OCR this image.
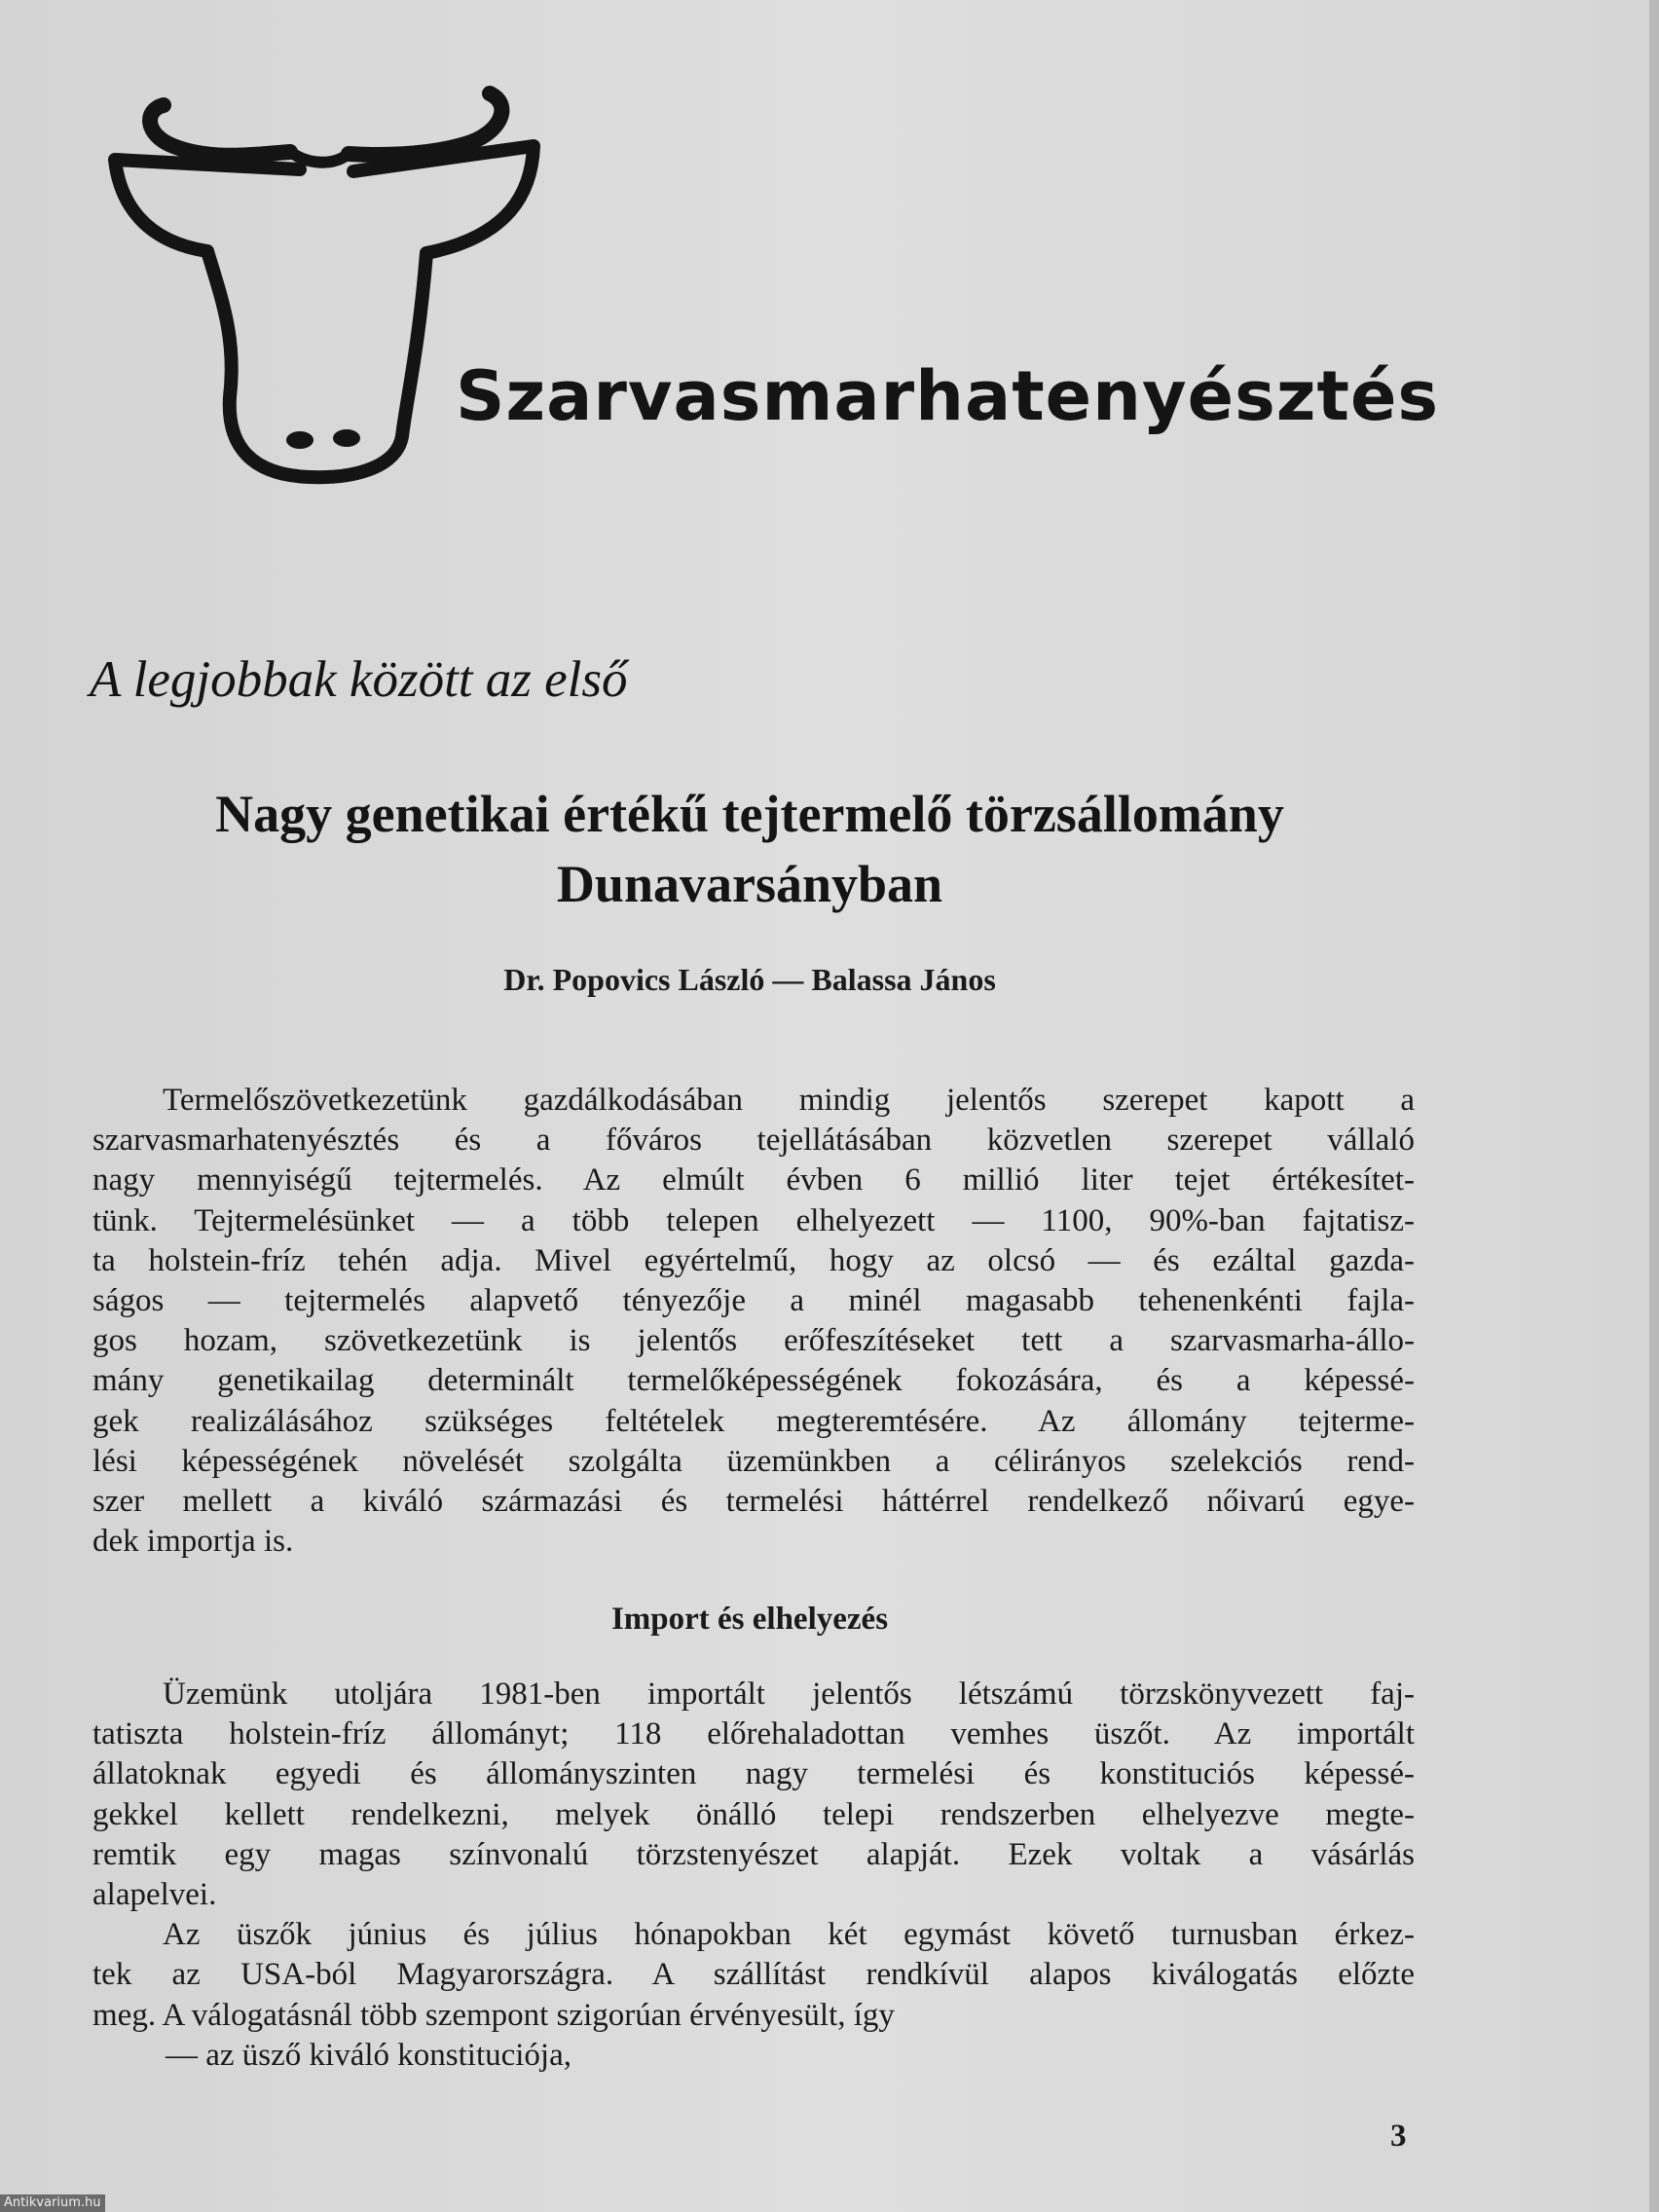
Szarvasmarhatenyésztés
A legjobbak között az első
Nagy genetikai értékű tejtermelő törzsállomány
Dunavarsányban
Dr. Popovics László — Balassa János

Termelőszövetkezetünk gazdálkodásában mindig jelentős szerepet kapott a
szarvasmarhatenyésztés és a főváros tejellátásában közvetlen szerepet vállaló
nagy mennyiségű tejtermelés. Az elmúlt évben 6 millió liter tejet értékesítet-
tünk. Tejtermelésünket — a több telepen elhelyezett — 1100, 90%-ban fajtatisz-
ta holstein-fríz tehén adja. Mivel egyértelmű, hogy az olcsó — és ezáltal gazda-
ságos — tejtermelés alapvető tényezője a minél magasabb tehenenkénti fajla-
gos hozam, szövetkezetünk is jelentős erőfeszítéseket tett a szarvasmarha-állo-
mány genetikailag determinált termelőképességének fokozására, és a képessé-
gek realizálásához szükséges feltételek megteremtésére. Az állomány tejterme-
lési képességének növelését szolgálta üzemünkben a célirányos szelekciós rend-
szer mellett a kiváló származási és termelési háttérrel rendelkező nőivarú egye-
dek importja is.

Import és elhelyezés

Üzemünk utoljára 1981-ben importált jelentős létszámú törzskönyvezett faj-
tatiszta holstein-fríz állományt; 118 előrehaladottan vemhes üszőt. Az importált
állatoknak egyedi és állományszinten nagy termelési és konstituciós képessé-
gekkel kellett rendelkezni, melyek önálló telepi rendszerben elhelyezve megte-
remtik egy magas színvonalú törzstenyészet alapját. Ezek voltak a vásárlás
alapelvei.

Az üszők június és július hónapokban két egymást követő turnusban érkez-
tek az USA-ból Magyarországra. A szállítást rendkívül alapos kiválogatás előzte
meg. A válogatásnál több szempont szigorúan érvényesült, így
— az üsző kiváló konstituciója,

3
Antikvarium.hu
